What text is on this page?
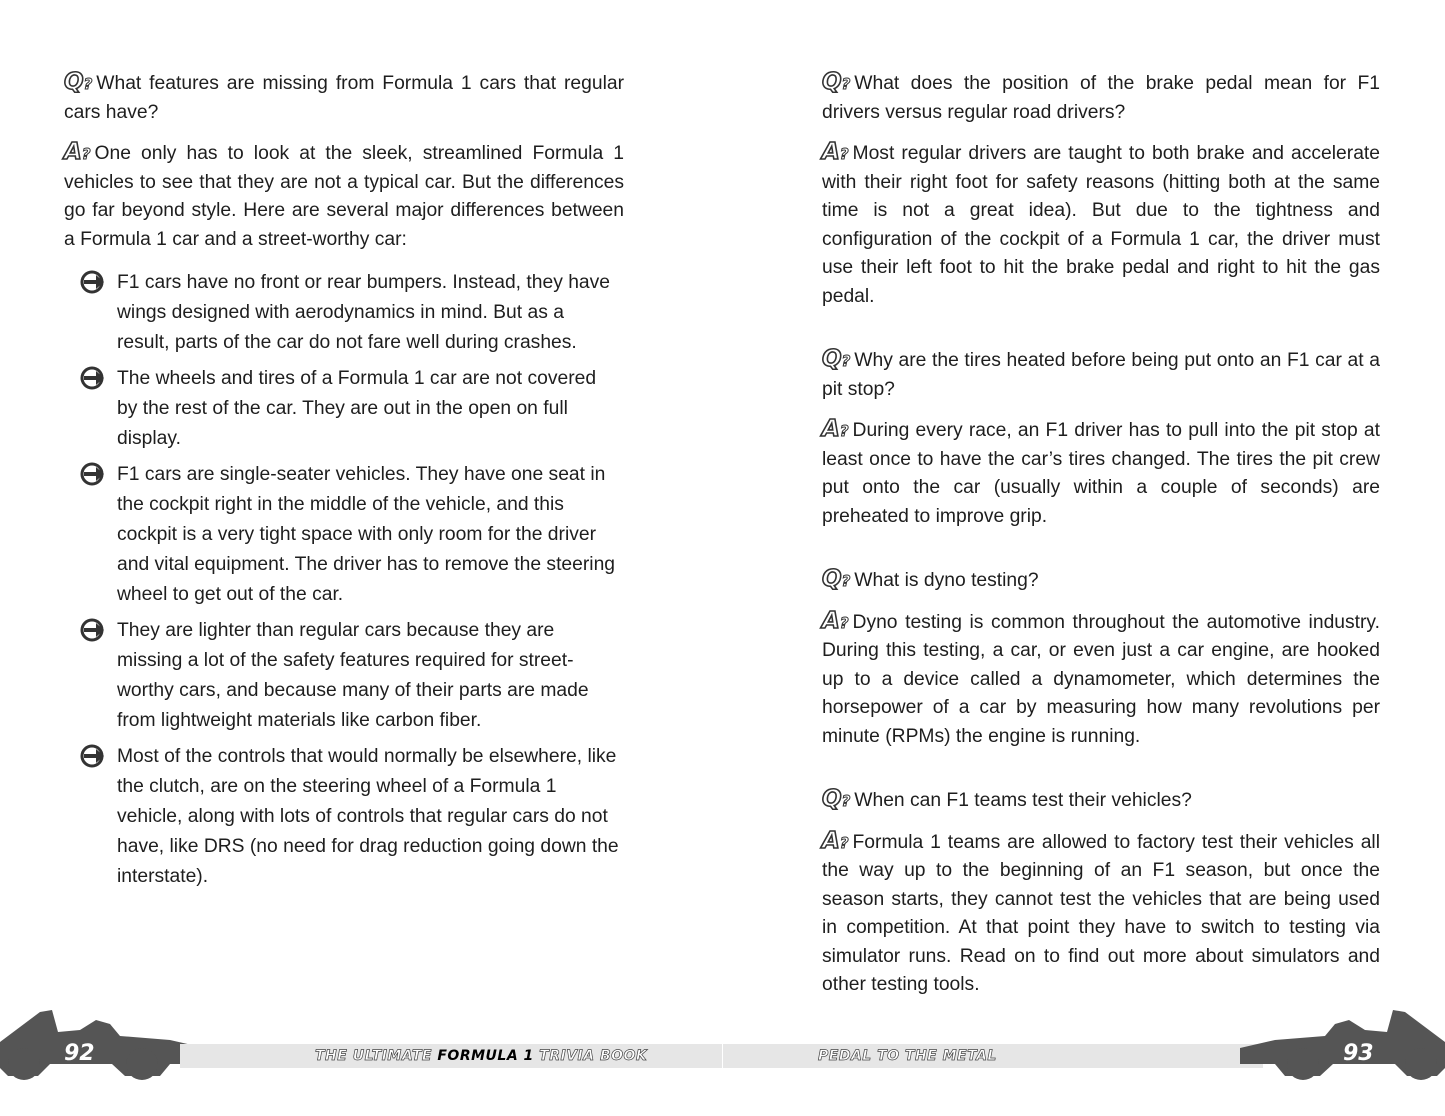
Q? What features are missing from Formula 1 cars that regular cars have?

A? One only has to look at the sleek, streamlined Formula 1 vehicles to see that they are not a typical car. But the differences go far beyond style. Here are several major differences between a Formula 1 car and a street-worthy car:

F1 cars have no front or rear bumpers. Instead, they have wings designed with aerodynamics in mind. But as a result, parts of the car do not fare well during crashes.
The wheels and tires of a Formula 1 car are not covered by the rest of the car. They are out in the open on full display.
F1 cars are single-seater vehicles. They have one seat in the cockpit right in the middle of the vehicle, and this cockpit is a very tight space with only room for the driver and vital equipment. The driver has to remove the steering wheel to get out of the car.
They are lighter than regular cars because they are missing a lot of the safety features required for street-worthy cars, and because many of their parts are made from lightweight materials like carbon fiber.
Most of the controls that would normally be elsewhere, like the clutch, are on the steering wheel of a Formula 1 vehicle, along with lots of controls that regular cars do not have, like DRS (no need for drag reduction going down the interstate).
92	THE ULTIMATE FORMULA 1 TRIVIA BOOK

Q? What does the position of the brake pedal mean for F1 drivers versus regular road drivers?

A? Most regular drivers are taught to both brake and accelerate with their right foot for safety reasons (hitting both at the same time is not a great idea). But due to the tightness and configuration of the cockpit of a Formula 1 car, the driver must use their left foot to hit the brake pedal and right to hit the gas pedal.

Q? Why are the tires heated before being put onto an F1 car at a pit stop?

A? During every race, an F1 driver has to pull into the pit stop at least once to have the car’s tires changed. The tires the pit crew put onto the car (usually within a couple of seconds) are preheated to improve grip.

Q? What is dyno testing?

A? Dyno testing is common throughout the automotive industry. During this testing, a car, or even just a car engine, are hooked up to a device called a dynamometer, which determines the horsepower of a car by measuring how many revolutions per minute (RPMs) the engine is running.

Q? When can F1 teams test their vehicles?

A? Formula 1 teams are allowed to factory test their vehicles all the way up to the beginning of an F1 season, but once the season starts, they cannot test the vehicles that are being used in competition. At that point they have to switch to testing via simulator runs. Read on to find out more about simulators and other testing tools.

PEDAL TO THE METAL	93
